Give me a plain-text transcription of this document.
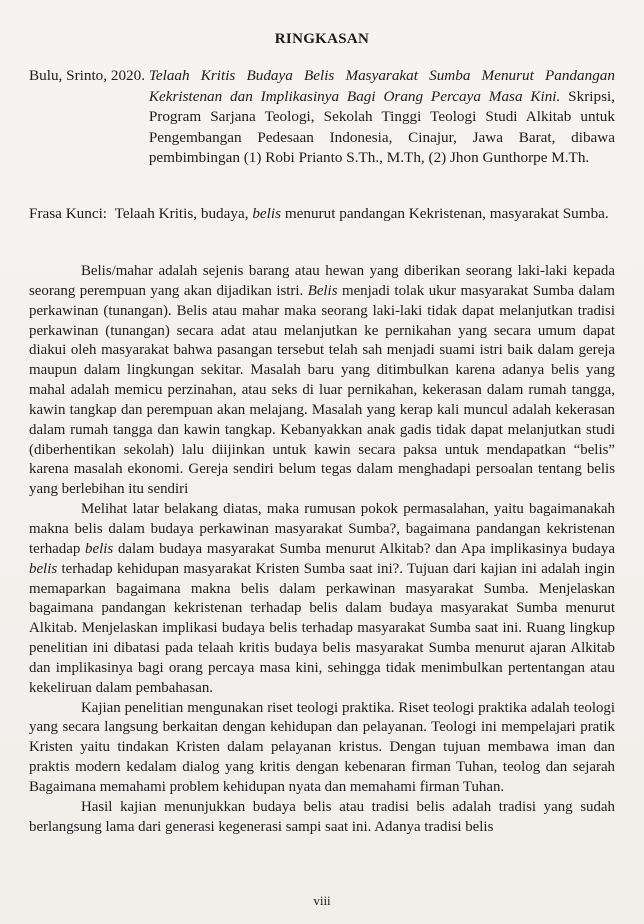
RINGKASAN
Bulu, Srinto, 2020.
Telaah Kritis Budaya Belis Masyarakat Sumba Menurut Pandangan Kekristenan dan Implikasinya Bagi Orang Percaya Masa Kini. Skripsi, Program Sarjana Teologi, Sekolah Tinggi Teologi Studi Alkitab untuk Pengembangan Pedesaan Indonesia, Cinajur, Jawa Barat, dibawa pembimbingan (1) Robi Prianto S.Th., M.Th, (2) Jhon Gunthorpe M.Th.
Frasa Kunci:
Telaah Kritis, budaya, belis menurut pandangan Kekristenan, masyarakat Sumba.

Belis/mahar adalah sejenis barang atau hewan yang diberikan seorang laki-laki kepada seorang perempuan yang akan dijadikan istri. Belis menjadi tolak ukur masyarakat Sumba dalam perkawinan (tunangan). Belis atau mahar maka seorang laki-laki tidak dapat melanjutkan tradisi perkawinan (tunangan) secara adat atau melanjutkan ke pernikahan yang secara umum dapat diakui oleh masyarakat bahwa pasangan tersebut telah sah menjadi suami istri baik dalam gereja maupun dalam lingkungan sekitar. Masalah baru yang ditimbulkan karena adanya belis yang mahal adalah memicu perzinahan, atau seks di luar pernikahan, kekerasan dalam rumah tangga, kawin tangkap dan perempuan akan melajang. Masalah yang kerap kali muncul adalah kekerasan dalam rumah tangga dan kawin tangkap. Kebanyakkan anak gadis tidak dapat melanjutkan studi (diberhentikan sekolah) lalu diijinkan untuk kawin secara paksa untuk mendapatkan “belis” karena masalah ekonomi. Gereja sendiri belum tegas dalam menghadapi persoalan tentang belis yang berlebihan itu sendiri

Melihat latar belakang diatas, maka rumusan pokok permasalahan, yaitu bagaimanakah makna belis dalam budaya perkawinan masyarakat Sumba?, bagaimana pandangan kekristenan terhadap belis dalam budaya masyarakat Sumba menurut Alkitab? dan Apa implikasinya budaya belis terhadap kehidupan masyarakat Kristen Sumba saat ini?. Tujuan dari kajian ini adalah ingin memaparkan bagaimana makna belis dalam perkawinan masyarakat Sumba. Menjelaskan bagaimana pandangan kekristenan terhadap belis dalam budaya masyarakat Sumba menurut Alkitab. Menjelaskan implikasi budaya belis terhadap masyarakat Sumba saat ini. Ruang lingkup penelitian ini dibatasi pada telaah kritis budaya belis masyarakat Sumba menurut ajaran Alkitab dan implikasinya bagi orang percaya masa kini, sehingga tidak menimbulkan pertentangan atau kekeliruan dalam pembahasan.

Kajian penelitian mengunakan riset teologi praktika. Riset teologi praktika adalah teologi yang secara langsung berkaitan dengan kehidupan dan pelayanan. Teologi ini mempelajari pratik Kristen yaitu tindakan Kristen dalam pelayanan kristus. Dengan tujuan membawa iman dan praktis modern kedalam dialog yang kritis dengan kebenaran firman Tuhan, teolog dan sejarah Bagaimana memahami problem kehidupan nyata dan memahami firman Tuhan.

Hasil kajian menunjukkan budaya belis atau tradisi belis adalah tradisi yang sudah berlangsung lama dari generasi kegenerasi sampi saat ini. Adanya tradisi belis

viii
